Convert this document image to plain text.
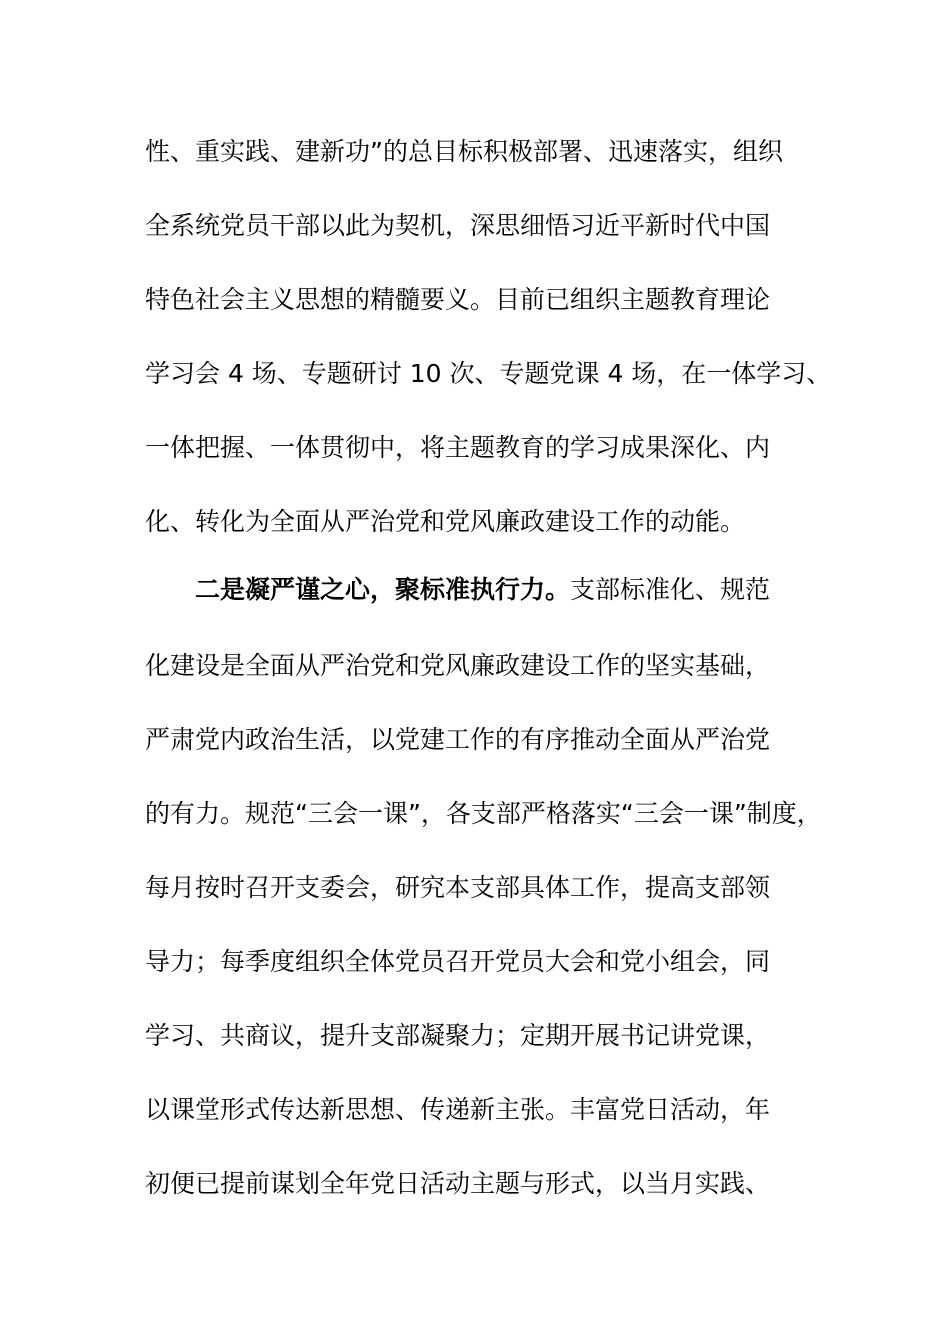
性、重实践、建新功”的总目标积极部署、迅速落实，组织
全系统党员干部以此为契机，深思细悟习近平新时代中国
特色社会主义思想的精髓要义。目前已组织主题教育理论
学习会 4 场、专题研讨 10 次、专题党课 4 场，在一体学习、
一体把握、一体贯彻中，将主题教育的学习成果深化、内
化、转化为全面从严治党和党风廉政建设工作的动能。
二是凝严谨之心，聚标准执行力。支部标准化、规范
化建设是全面从严治党和党风廉政建设工作的坚实基础，
严肃党内政治生活，以党建工作的有序推动全面从严治党
的有力。规范“三会一课”，各支部严格落实“三会一课”制度，
每月按时召开支委会，研究本支部具体工作，提高支部领
导力；每季度组织全体党员召开党员大会和党小组会，同
学习、共商议，提升支部凝聚力；定期开展书记讲党课，
以课堂形式传达新思想、传递新主张。丰富党日活动，年
初便已提前谋划全年党日活动主题与形式，以当月实践、
